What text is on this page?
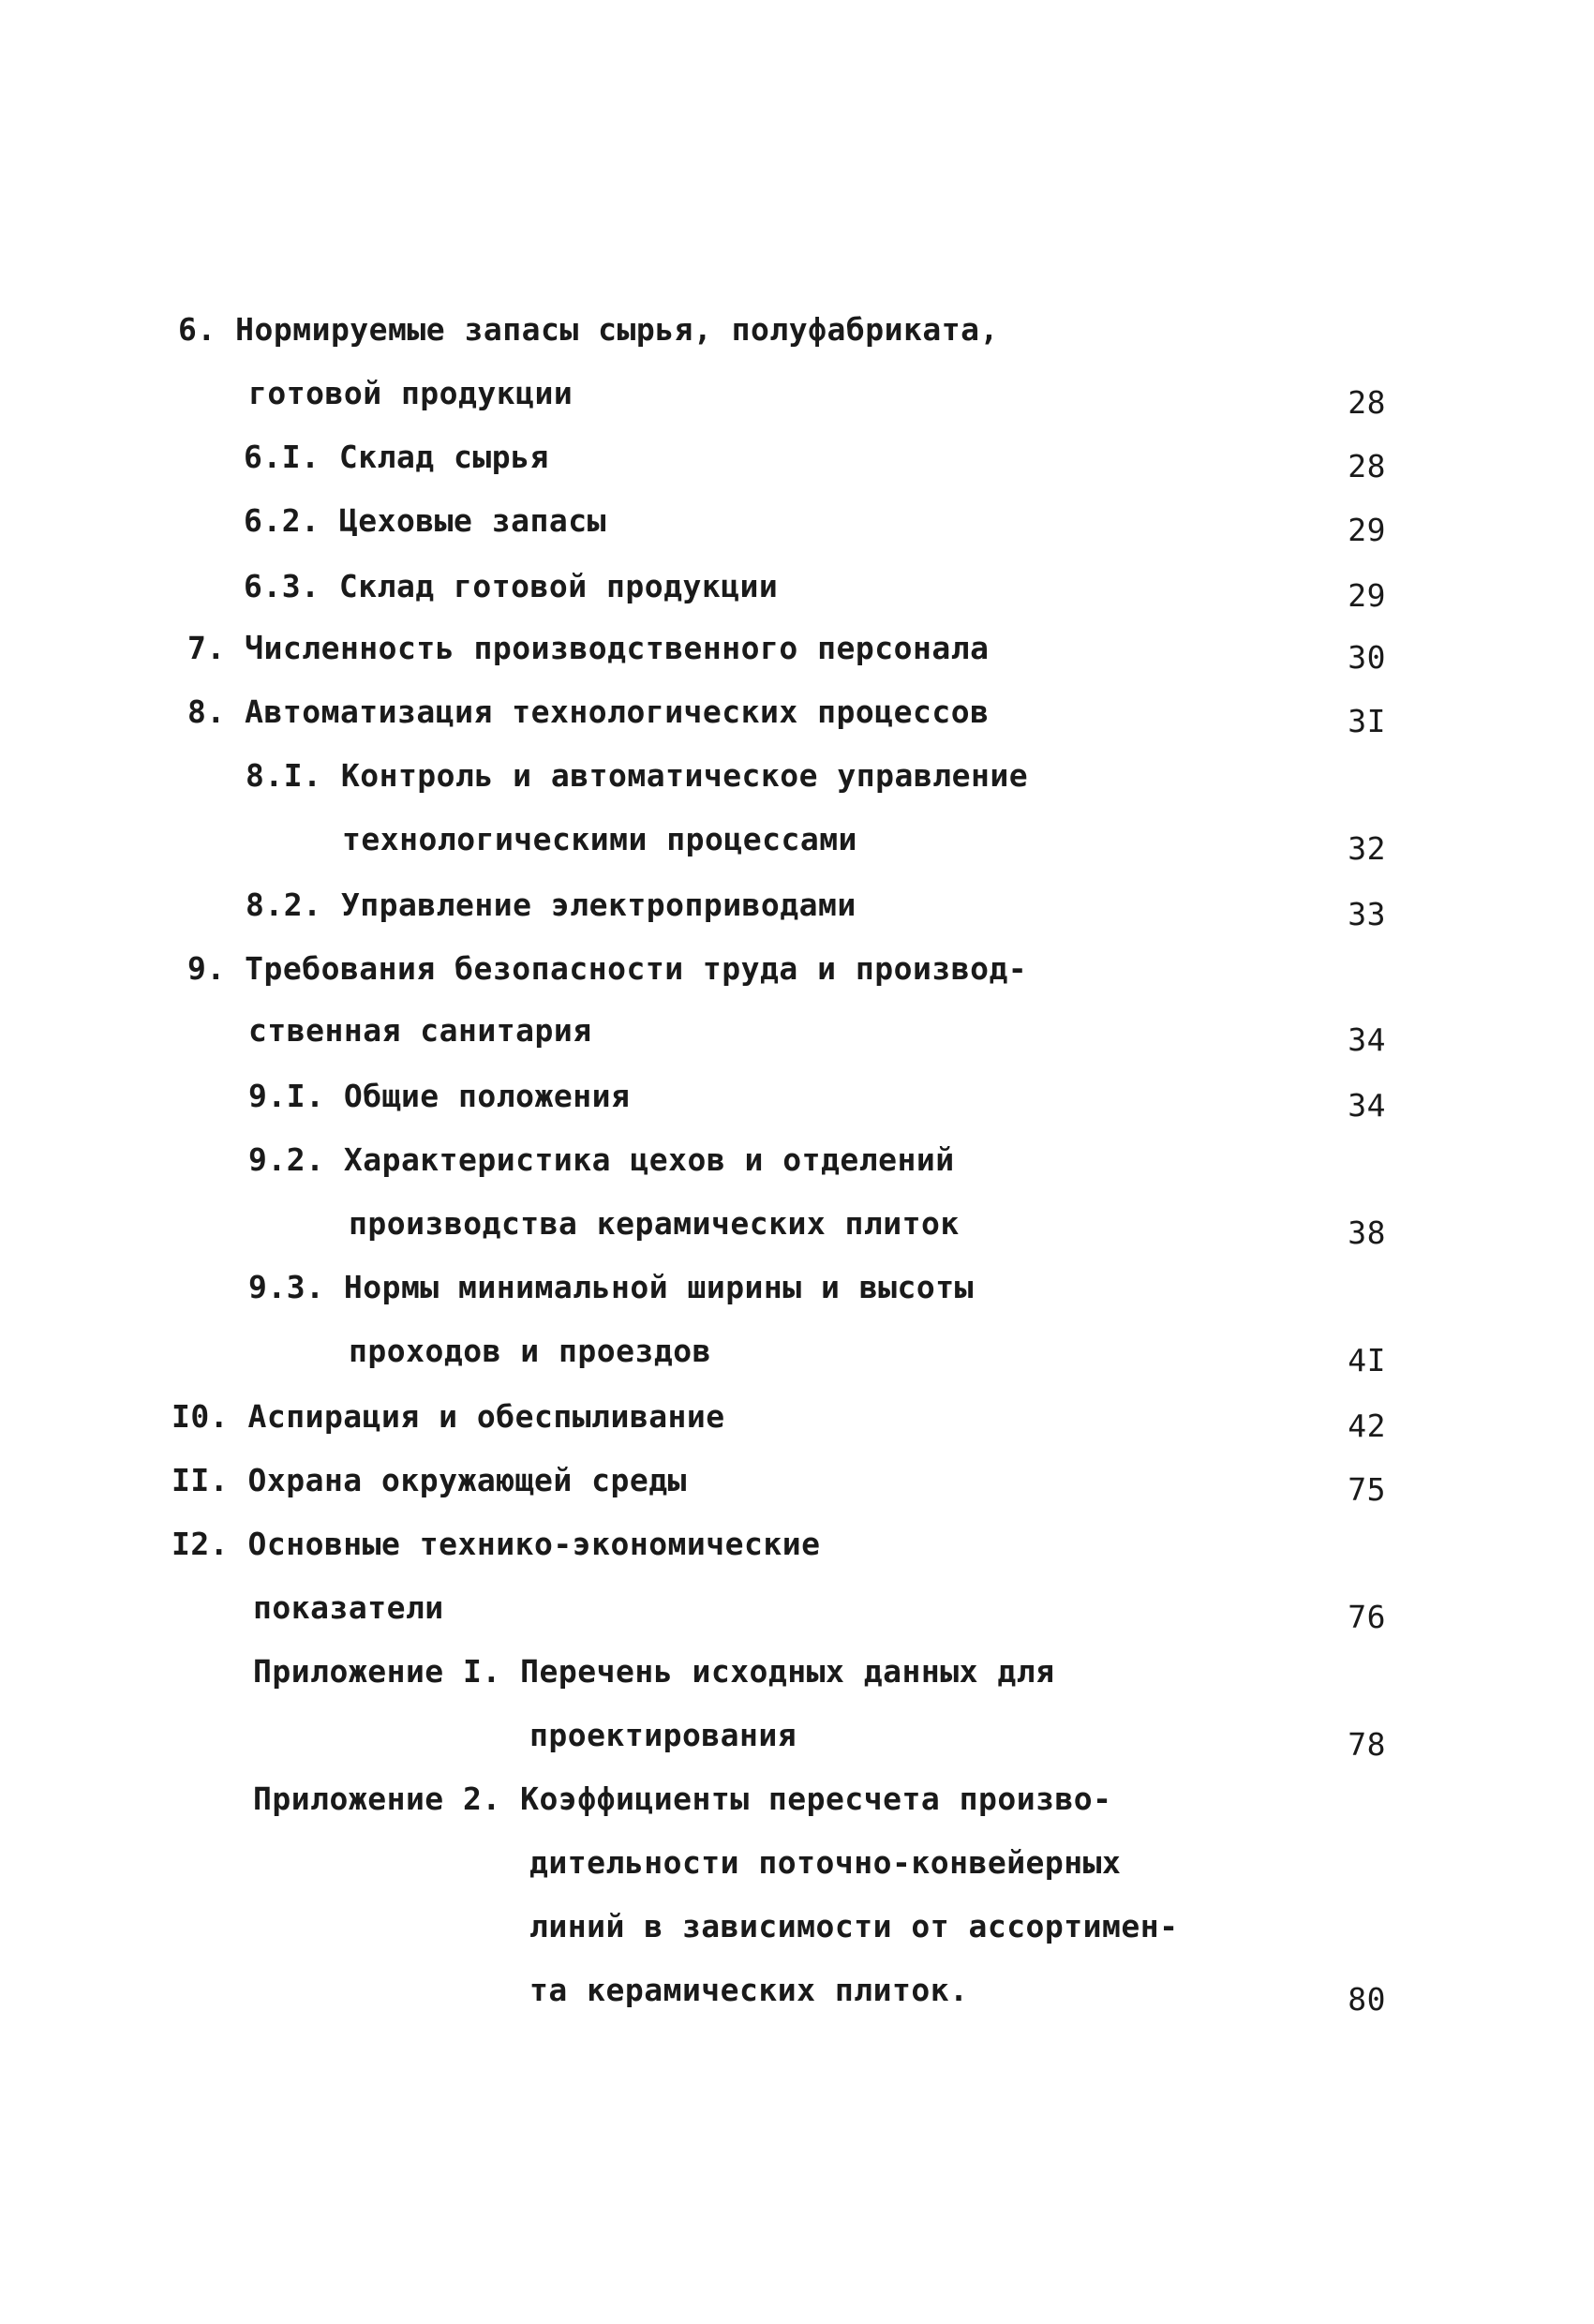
6. Нормируемые запасы сырья, полуфабриката,
готовой продукции	28
6.I. Склад сырья	28
6.2. Цеховые запасы	29
6.3. Склад готовой продукции	29
7. Численность производственного персонала	30
8. Автоматизация технологических процессов	3I
8.I. Контроль и автоматическое управление
технологическими процессами	32
8.2. Управление электроприводами	33
9. Требования безопасности труда и производ-
ственная санитария	34
9.I. Общие положения	34
9.2. Характеристика цехов и отделений
производства керамических плиток	38
9.3. Нормы минимальной ширины и высоты
проходов и проездов	4I
I0. Аспирация и обеспыливание	42
II. Охрана окружающей среды	75
I2. Основные технико-экономические
показатели	76
Приложение I. Перечень исходных данных для
проектирования	78
Приложение 2. Коэффициенты пересчета произво-
дительности поточно-конвейерных
линий в зависимости от ассортимен-
та керамических плиток.	80
